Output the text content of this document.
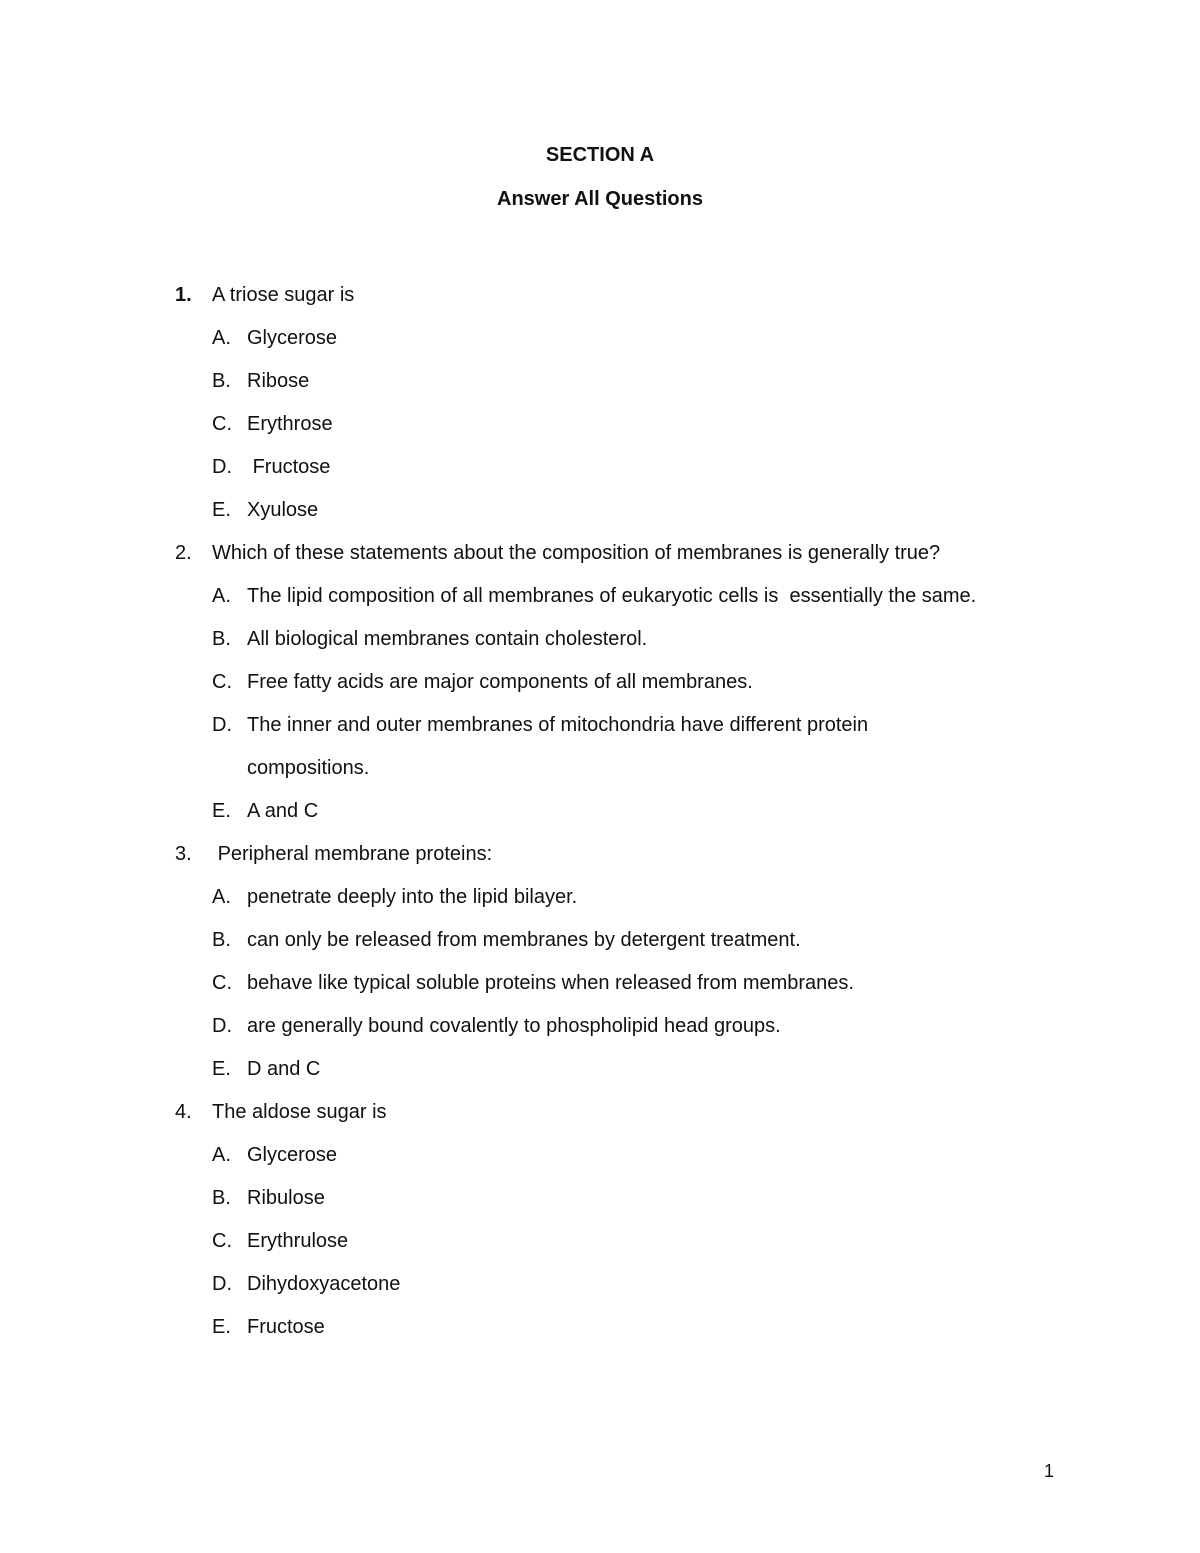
SECTION A
Answer All Questions
1.	A triose sugar is
A. Glycerose
B. Ribose
C. Erythrose
D. Fructose
E. Xyulose
2.	Which of these statements about the composition of membranes is generally true?
A. The lipid composition of all membranes of eukaryotic cells is  essentially the same.
B. All biological membranes contain cholesterol.
C. Free fatty acids are major components of all membranes.
D. The inner and outer membranes of mitochondria have different protein compositions.
E. A and C
3.	Peripheral membrane proteins:
A. penetrate deeply into the lipid bilayer.
B. can only be released from membranes by detergent treatment.
C. behave like typical soluble proteins when released from membranes.
D. are generally bound covalently to phospholipid head groups.
E. D and C
4.	The aldose sugar is
A. Glycerose
B. Ribulose
C. Erythrulose
D. Dihydoxyacetone
E. Fructose
1
